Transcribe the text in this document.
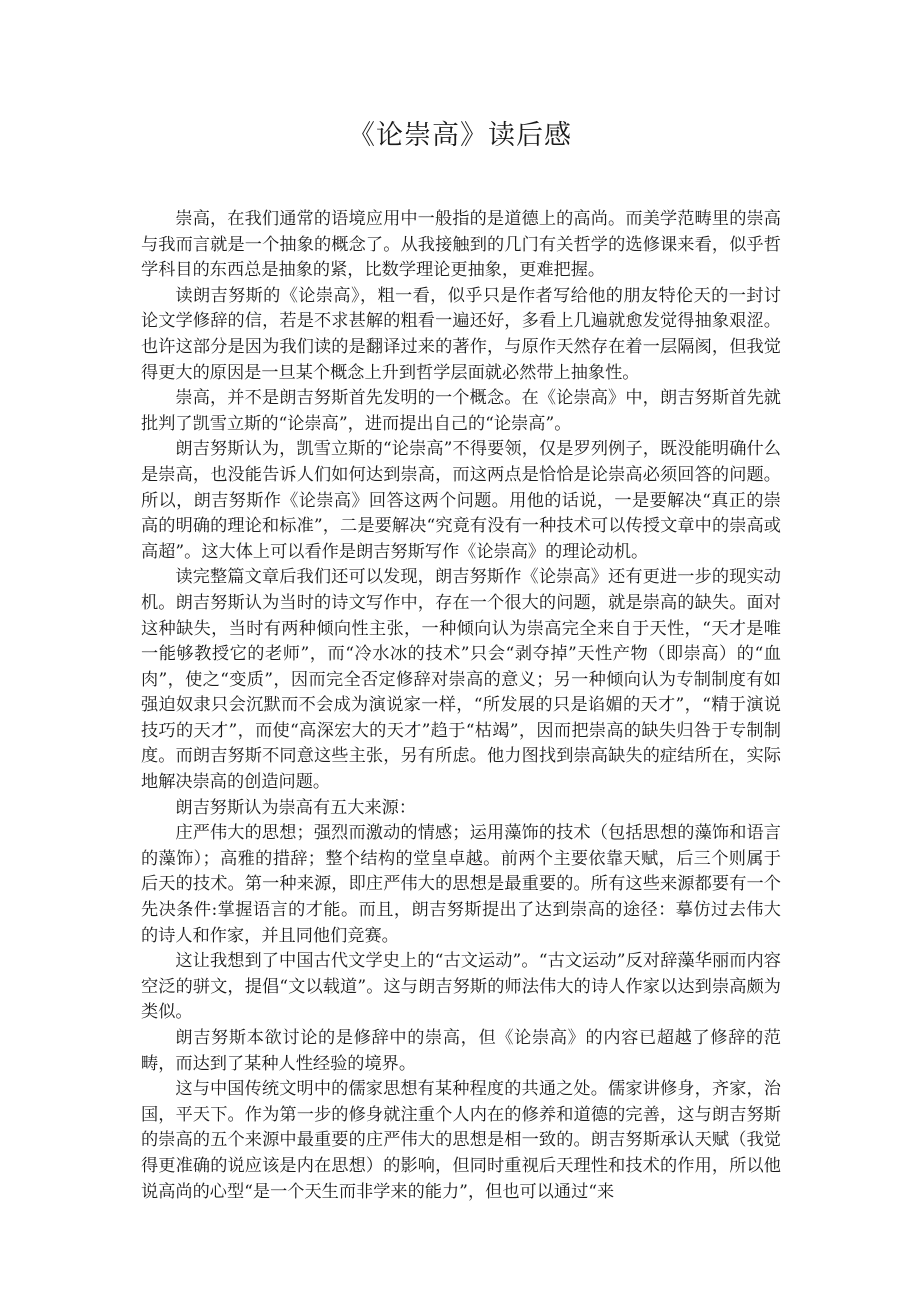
《论崇高》读后感

崇高，在我们通常的语境应用中一般指的是道德上的高尚。而美学范畴里的崇高与我而言就是一个抽象的概念了。从我接触到的几门有关哲学的选修课来看，似乎哲学科目的东西总是抽象的紧，比数学理论更抽象，更难把握。

读朗吉努斯的《论崇高》，粗一看，似乎只是作者写给他的朋友特伦天的一封讨论文学修辞的信，若是不求甚解的粗看一遍还好，多看上几遍就愈发觉得抽象艰涩。也许这部分是因为我们读的是翻译过来的著作，与原作天然存在着一层隔阂，但我觉得更大的原因是一旦某个概念上升到哲学层面就必然带上抽象性。

崇高，并不是朗吉努斯首先发明的一个概念。在《论崇高》中，朗吉努斯首先就批判了凯雪立斯的“论崇高”，进而提出自己的“论崇高”。

朗吉努斯认为，凯雪立斯的“论崇高”不得要领，仅是罗列例子，既没能明确什么是崇高，也没能告诉人们如何达到崇高，而这两点是恰恰是论崇高必须回答的问题。所以，朗吉努斯作《论崇高》回答这两个问题。用他的话说，一是要解决“真正的崇高的明确的理论和标准”，二是要解决“究竟有没有一种技术可以传授文章中的崇高或高超”。这大体上可以看作是朗吉努斯写作《论崇高》的理论动机。

读完整篇文章后我们还可以发现，朗吉努斯作《论崇高》还有更进一步的现实动机。朗吉努斯认为当时的诗文写作中，存在一个很大的问题，就是崇高的缺失。面对这种缺失，当时有两种倾向性主张，一种倾向认为崇高完全来自于天性，“天才是唯一能够教授它的老师”，而“冷水冰的技术”只会“剥夺掉”天性产物（即崇高）的“血肉”，使之“变质”，因而完全否定修辞对崇高的意义；另一种倾向认为专制制度有如强迫奴隶只会沉默而不会成为演说家一样，“所发展的只是谄媚的天才”，“精于演说技巧的天才”，而使“高深宏大的天才”趋于“枯竭”，因而把崇高的缺失归咎于专制制度。而朗吉努斯不同意这些主张，另有所虑。他力图找到崇高缺失的症结所在，实际地解决崇高的创造问题。

朗吉努斯认为崇高有五大来源：

庄严伟大的思想；强烈而激动的情感；运用藻饰的技术（包括思想的藻饰和语言的藻饰）；高雅的措辞；整个结构的堂皇卓越。前两个主要依靠天赋，后三个则属于后天的技术。第一种来源，即庄严伟大的思想是最重要的。所有这些来源都要有一个先决条件:掌握语言的才能。而且，朗吉努斯提出了达到崇高的途径：摹仿过去伟大的诗人和作家，并且同他们竞赛。

这让我想到了中国古代文学史上的“古文运动”。“古文运动”反对辞藻华丽而内容空泛的骈文，提倡“文以载道”。这与朗吉努斯的师法伟大的诗人作家以达到崇高颇为类似。

朗吉努斯本欲讨论的是修辞中的崇高，但《论崇高》的内容已超越了修辞的范畴，而达到了某种人性经验的境界。

这与中国传统文明中的儒家思想有某种程度的共通之处。儒家讲修身，齐家，治国，平天下。作为第一步的修身就注重个人内在的修养和道德的完善，这与朗吉努斯的崇高的五个来源中最重要的庄严伟大的思想是相一致的。朗吉努斯承认天赋（我觉得更准确的说应该是内在思想）的影响，但同时重视后天理性和技术的作用，所以他说高尚的心型“是一个天生而非学来的能力”，但也可以通过“来
